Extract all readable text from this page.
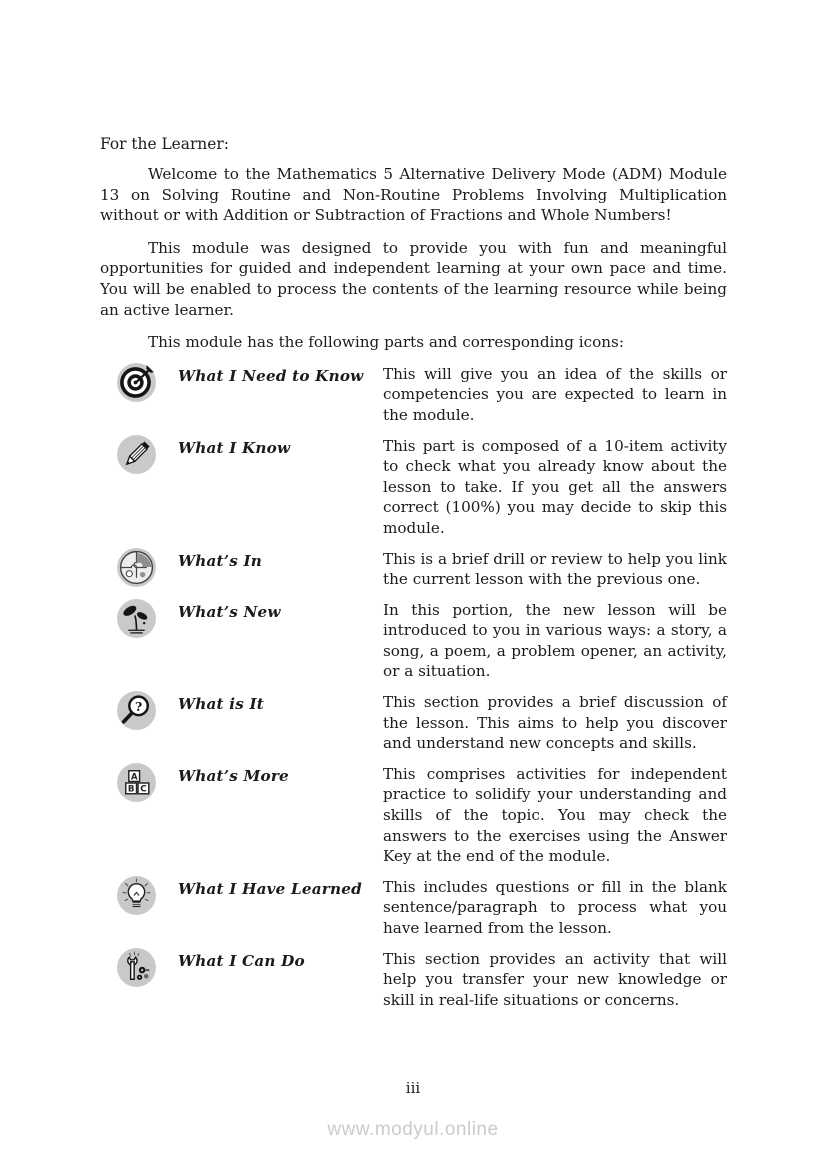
For the Learner:

Welcome to the Mathematics 5 Alternative Delivery Mode (ADM) Module 13 on Solving Routine and Non-Routine Problems Involving Multiplication without or with Addition or Subtraction of Fractions and Whole Numbers!

This module was designed to provide you with fun and meaningful opportunities for guided and independent learning at your own pace and time. You will be enabled to process the contents of the learning resource while being an active learner.

This module has the following parts and corresponding icons:

What I Need to Know	This will give you an idea of the skills or competencies you are expected to learn in the module.
What I Know	This part is composed of a 10-item activity to check what you already know about the lesson to take. If you get all the answers correct (100%) you may decide to skip this module.
What’s In	This is a brief drill or review to help you link the current lesson with the previous one.
What’s New	In this portion, the new lesson will be introduced to you in various ways: a story, a song, a poem, a problem opener, an activity, or a situation.
? What is It	This section provides a brief discussion of the lesson. This aims to help you discover and understand new concepts and skills.
A
B C
What’s More	This comprises activities for independent practice to solidify your understanding and skills of the topic. You may check the answers to the exercises using the Answer Key at the end of the module.
What I Have Learned	This includes questions or fill in the blank sentence/paragraph to process what you have learned from the lesson.
What I Can Do	This section provides an activity that will help you transfer your new knowledge or skill in real-life situations or concerns.
iii
www.modyul.online
